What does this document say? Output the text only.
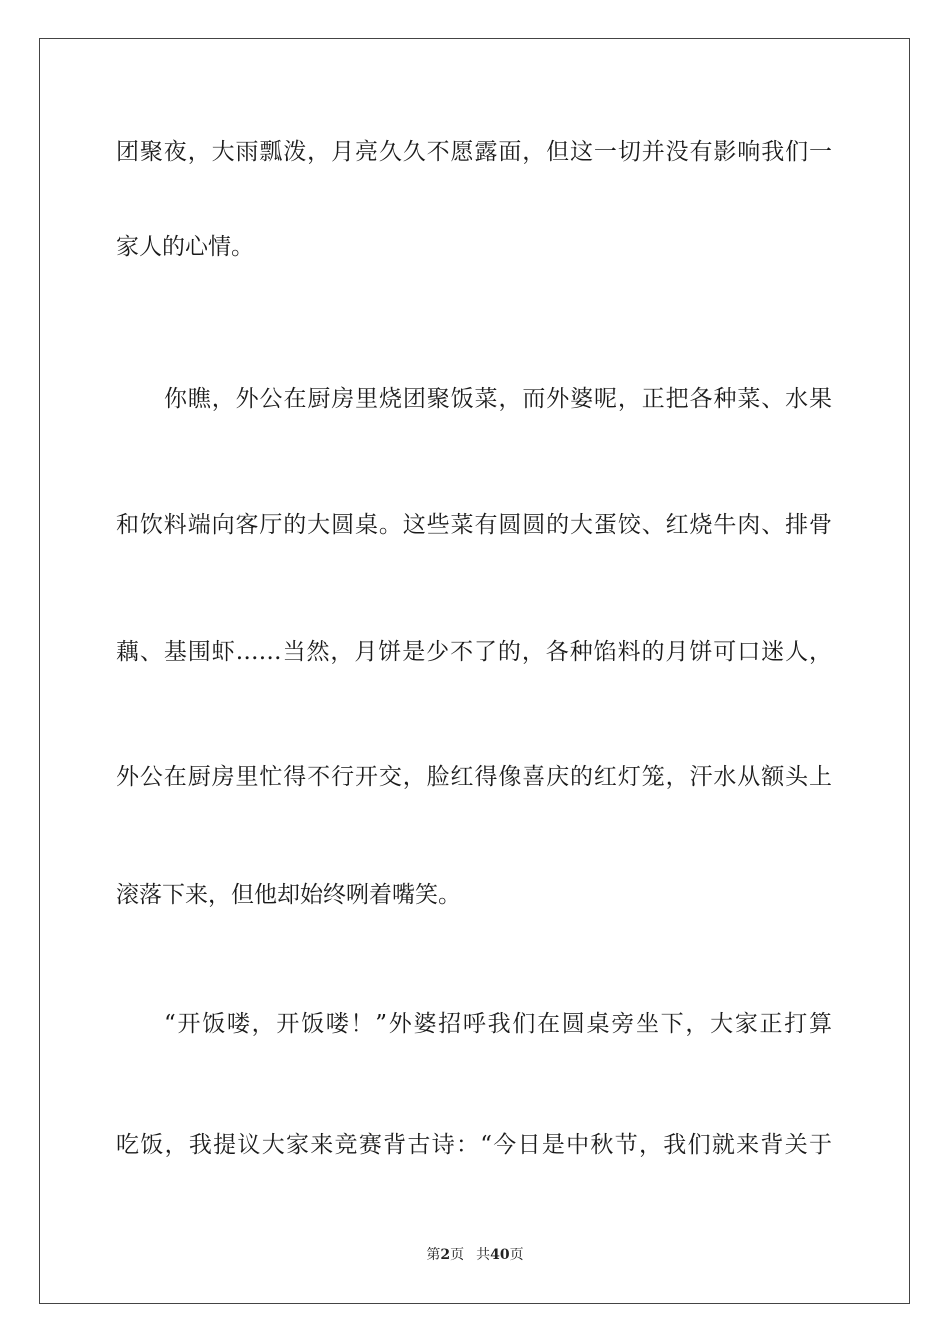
团聚夜，大雨瓢泼，月亮久久不愿露面，但这一切并没有影响我们一
家人的心情。
你瞧，外公在厨房里烧团聚饭菜，而外婆呢，正把各种菜、水果
和饮料端向客厅的大圆桌。这些菜有圆圆的大蛋饺、红烧牛肉、排骨
藕、基围虾……当然，月饼是少不了的，各种馅料的月饼可口迷人，
外公在厨房里忙得不行开交，脸红得像喜庆的红灯笼，汗水从额头上
滚落下来，但他却始终咧着嘴笑。
“开饭喽，开饭喽！”外婆招呼我们在圆桌旁坐下，大家正打算
吃饭，我提议大家来竞赛背古诗：“今日是中秋节，我们就来背关于
第2页 共40页
